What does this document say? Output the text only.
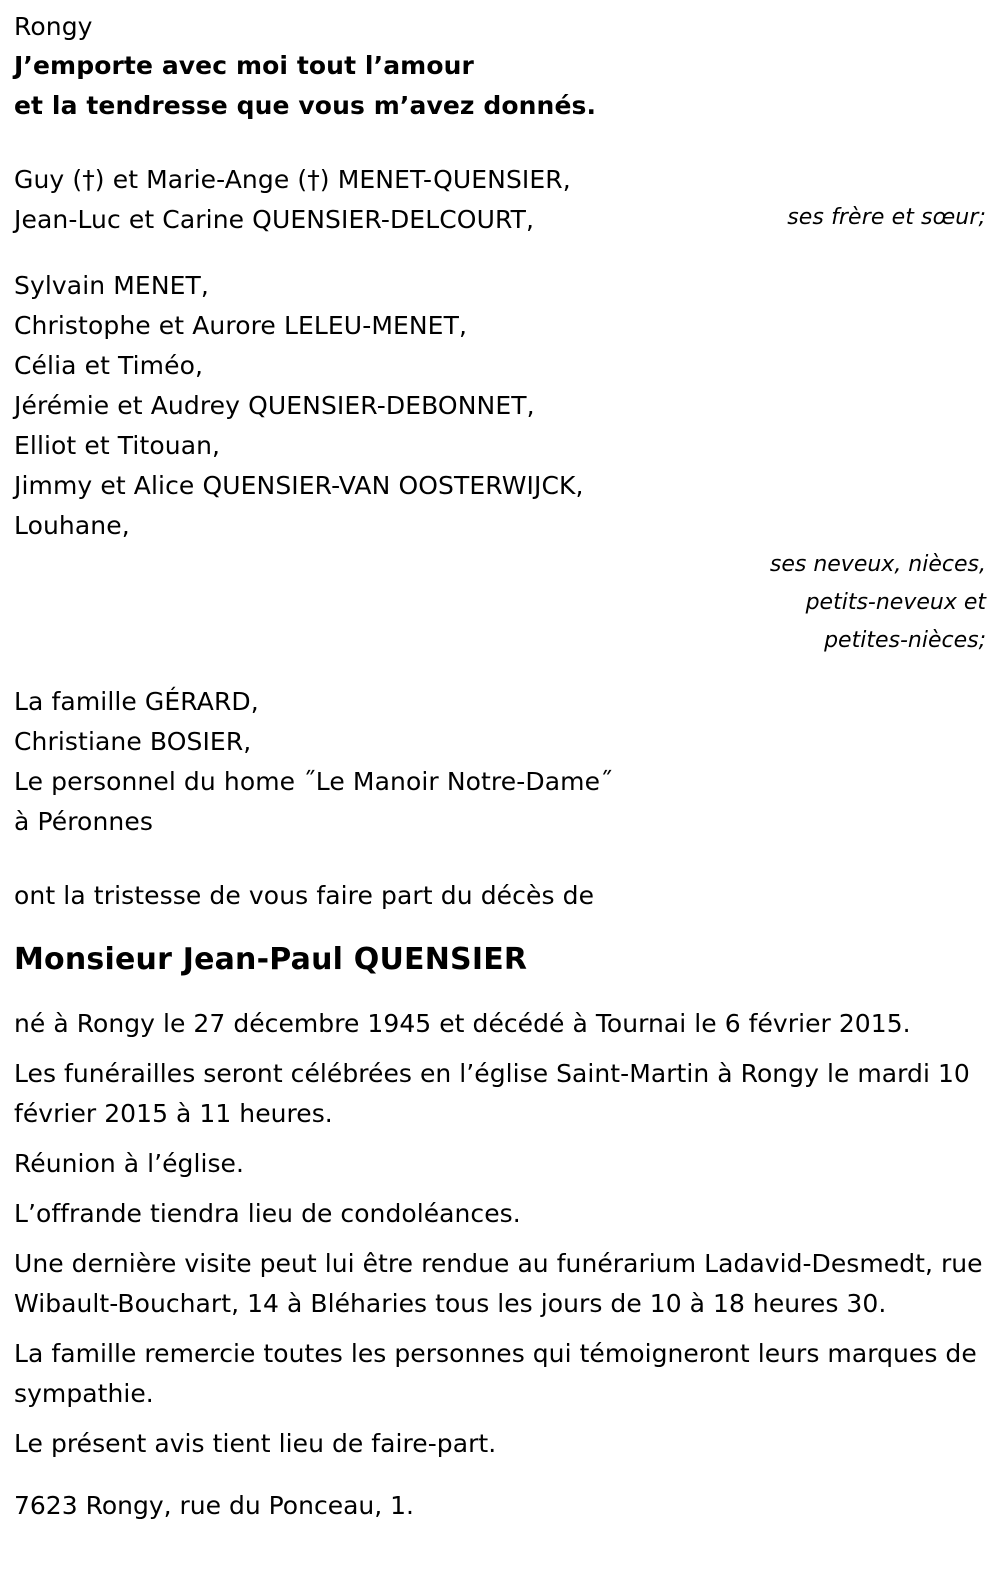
Rongy
J’emporte avec moi tout l’amour
et la tendresse que vous m’avez donnés.
Guy (†) et Marie-Ange (†) MENET-QUENSIER,
Jean-Luc et Carine QUENSIER-DELCOURT,	ses frère et sœur;
Sylvain MENET,
Christophe et Aurore LELEU-MENET,
Célia et Timéo,
Jérémie et Audrey QUENSIER-DEBONNET,
Elliot et Titouan,
Jimmy et Alice QUENSIER-VAN OOSTERWIJCK,
Louhane,
ses neveux, nièces,
petits-neveux et
petites-nièces;
La famille GÉRARD,
Christiane BOSIER,
Le personnel du home ˝Le Manoir Notre-Dame˝
à Péronnes
ont la tristesse de vous faire part du décès de
Monsieur Jean-Paul QUENSIER
né à Rongy le 27 décembre 1945 et décédé à Tournai le 6 février 2015.
Les funérailles seront célébrées en l’église Saint-Martin à Rongy le mardi 10 février 2015 à 11 heures.
Réunion à l’église.
L’offrande tiendra lieu de condoléances.
Une dernière visite peut lui être rendue au funérarium Ladavid-Desmedt, rue Wibault-Bouchart, 14 à Bléharies tous les jours de 10 à 18 heures 30.
La famille remercie toutes les personnes qui témoigneront leurs marques de sympathie.
Le présent avis tient lieu de faire-part.
7623 Rongy, rue du Ponceau, 1.
